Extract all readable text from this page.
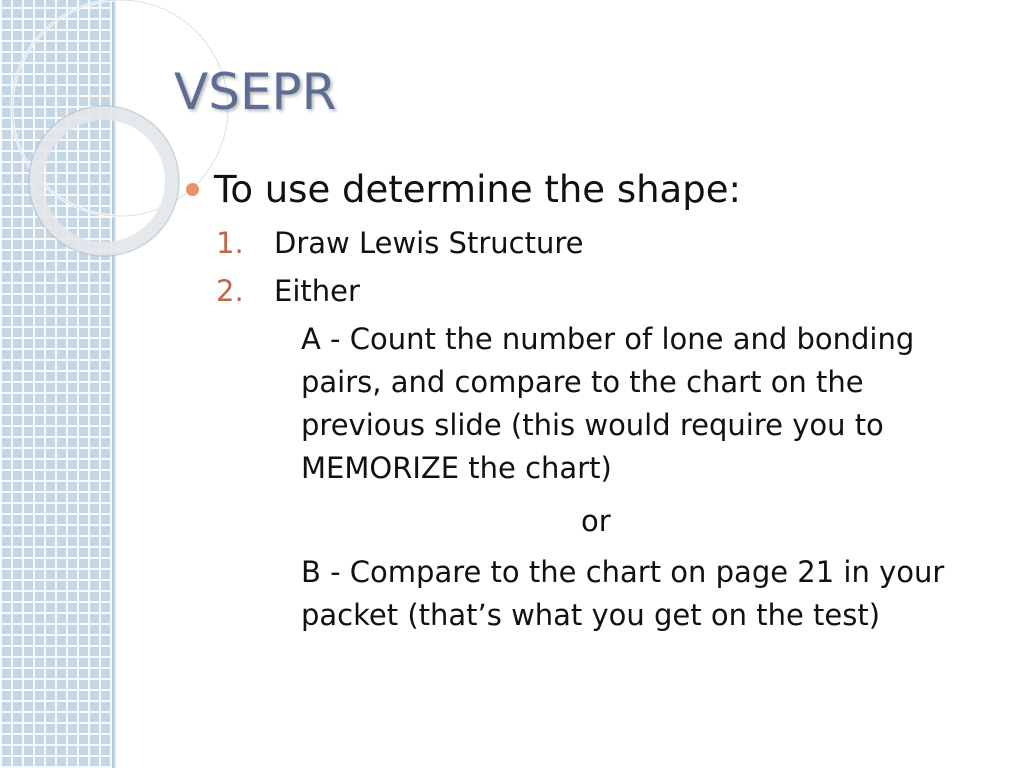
VSEPR
To use determine the shape:
1. Draw Lewis Structure
2. Either
A - Count the number of lone and bonding pairs, and compare to the chart on the previous slide (this would require you to MEMORIZE the chart)
or
B - Compare to the chart on page 21 in your packet (that’s what you get on the test)
